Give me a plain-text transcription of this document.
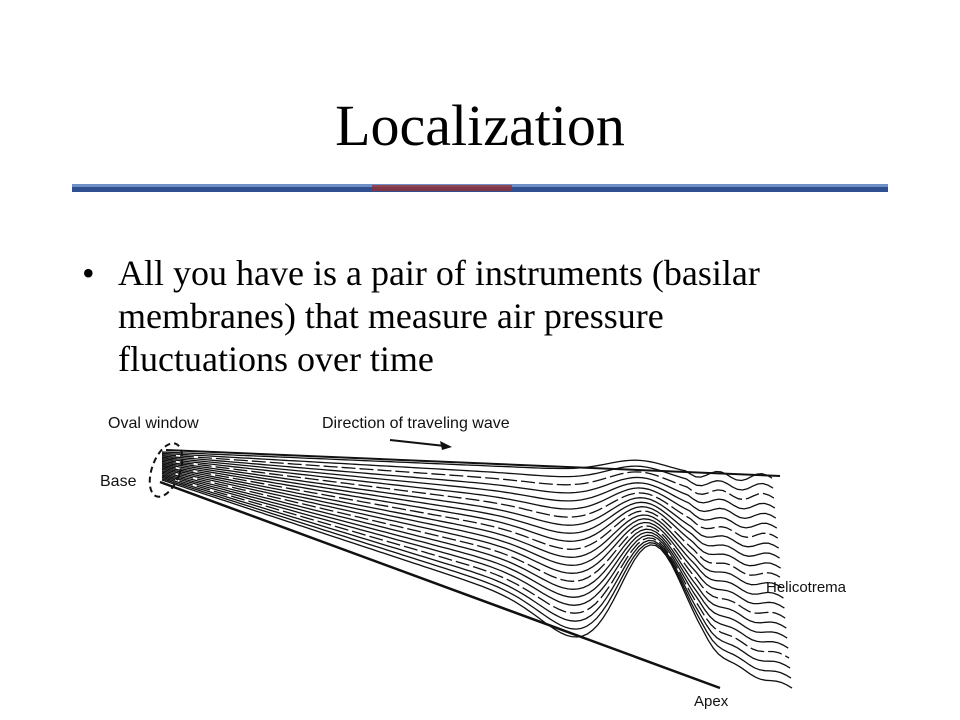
Localization
• All you have is a pair of instruments (basilar membranes) that measure air pressure fluctuations over time
Oval window	Direction of traveling wave
Base
Helicotrema
Apex
